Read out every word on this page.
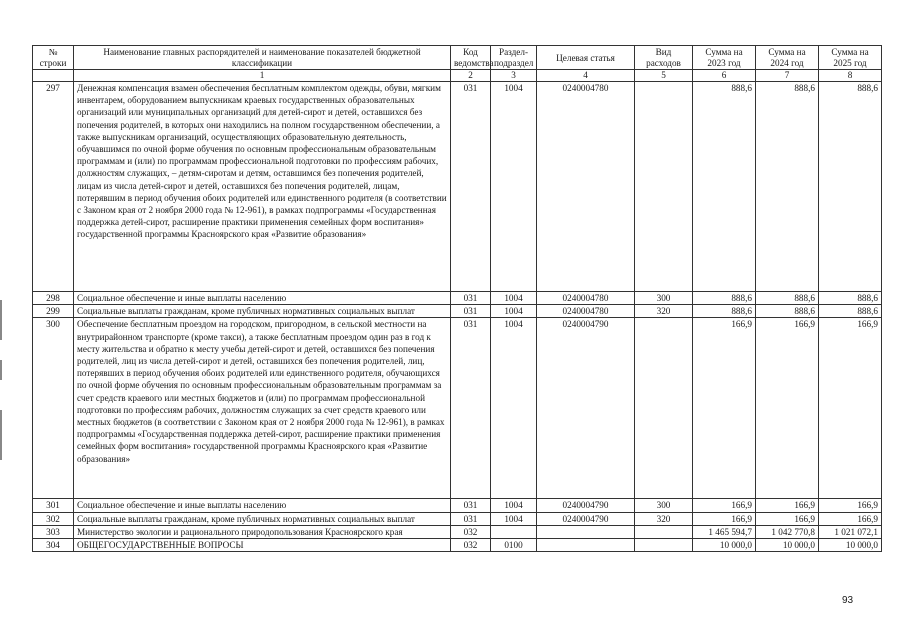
№ строки	Наименование главных распорядителей и наименование показателей бюджетной классификации	Код ведомства	Раздел-подраздел	Целевая статья	Вид расходов	Сумма на 2023 год	Сумма на 2024 год	Сумма на 2025 год
	1	2	3	4	5	6	7	8
297	Денежная компенсация взамен обеспечения бесплатным комплектом одежды, обуви, мягким инвентарем, оборудованием выпускникам краевых государственных образовательных организаций или муниципальных организаций для детей-сирот и детей, оставшихся без попечения родителей, в которых они находились на полном государственном обеспечении, а также выпускникам организаций, осуществляющих образовательную деятельность, обучавшимся по очной форме обучения по основным профессиональным образовательным программам и (или) по программам профессиональной подготовки по профессиям рабочих, должностям служащих, – детям-сиротам и детям, оставшимся без попечения родителей, лицам из числа детей-сирот и детей, оставшихся без попечения родителей, лицам, потерявшим в период обучения обоих родителей или единственного родителя (в соответствии с Законом края от 2 ноября 2000 года № 12-961), в рамках подпрограммы «Государственная поддержка детей-сирот, расширение практики применения семейных форм воспитания» государственной программы Красноярского края «Развитие образования»	031	1004	0240004780		888,6	888,6	888,6
298	Социальное обеспечение и иные выплаты населению	031	1004	0240004780	300	888,6	888,6	888,6
299	Социальные выплаты гражданам, кроме публичных нормативных социальных выплат	031	1004	0240004780	320	888,6	888,6	888,6
300	Обеспечение бесплатным проездом на городском, пригородном, в сельской местности на внутрирайонном транспорте (кроме такси), а также бесплатным проездом один раз в год к месту жительства и обратно к месту учебы детей-сирот и детей, оставшихся без попечения родителей, лиц из числа детей-сирот и детей, оставшихся без попечения родителей, лиц, потерявших в период обучения обоих родителей или единственного родителя, обучающихся по очной форме обучения по основным профессиональным образовательным программам за счет средств краевого или местных бюджетов и (или) по программам профессиональной подготовки по профессиям рабочих, должностям служащих за счет средств краевого или местных бюджетов (в соответствии с Законом края от 2 ноября 2000 года № 12-961), в рамках подпрограммы «Государственная поддержка детей-сирот, расширение практики применения семейных форм воспитания» государственной программы Красноярского края «Развитие образования»	031	1004	0240004790		166,9	166,9	166,9
301	Социальное обеспечение и иные выплаты населению	031	1004	0240004790	300	166,9	166,9	166,9
302	Социальные выплаты гражданам, кроме публичных нормативных социальных выплат	031	1004	0240004790	320	166,9	166,9	166,9
303	Министерство экологии и рационального природопользования Красноярского края	032				1 465 594,7	1 042 770,8	1 021 072,1
304	ОБЩЕГОСУДАРСТВЕННЫЕ ВОПРОСЫ	032	0100			10 000,0	10 000,0	10 000,0
93
